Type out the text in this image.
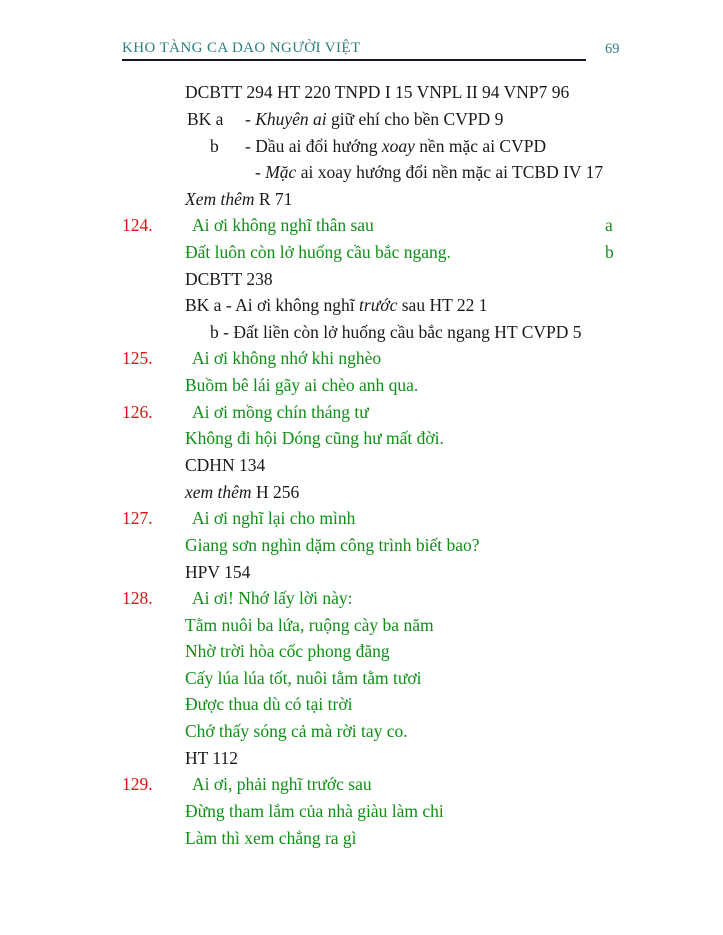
KHO TÀNG CA DAO NGƯỜI VIỆT	69
DCBTT 294 HT 220 TNPD I 15 VNPL II 94 VNP7 96
BK a - Khuyên ai giữ ehí cho bền CVPD 9
b - Dầu ai đổi hướng xoay nền mặc ai CVPD
- Mặc ai xoay hướng đổi nền mặc ai TCBD IV 17
Xem thêm R 71
124. Ai ơi không nghĩ thân sau	a
Đất luôn còn lở huống cầu bắc ngang.	b
DCBTT 238
BK a - Ai ơi không nghĩ trước sau HT 22 1
b - Đất liền còn lở huống cầu bắc ngang HT CVPD 5
125. Ai ơi không nhớ khi nghèo
Buồm bê lái gãy ai chèo anh qua.
126. Ai ơi mồng chín tháng tư
Không đi hội Dóng cũng hư mất đời.
CDHN 134
xem thêm H 256
127. Ai ơi nghĩ lại cho mình
Giang sơn nghìn dặm công trình biết bao?
HPV 154
128. Ai ơi! Nhớ lấy lời này:
Tằm nuôi ba lứa, ruộng cày ba năm
Nhờ trời hòa cốc phong đăng
Cấy lúa lúa tốt, nuôi tằm tằm tươi
Được thua dù có tại trời
Chớ thấy sóng cả mà rời tay co.
HT 112
129. Ai ơi, phải nghĩ trước sau
Đừng tham lắm của nhà giàu làm chi
Làm thì xem chẳng ra gì
